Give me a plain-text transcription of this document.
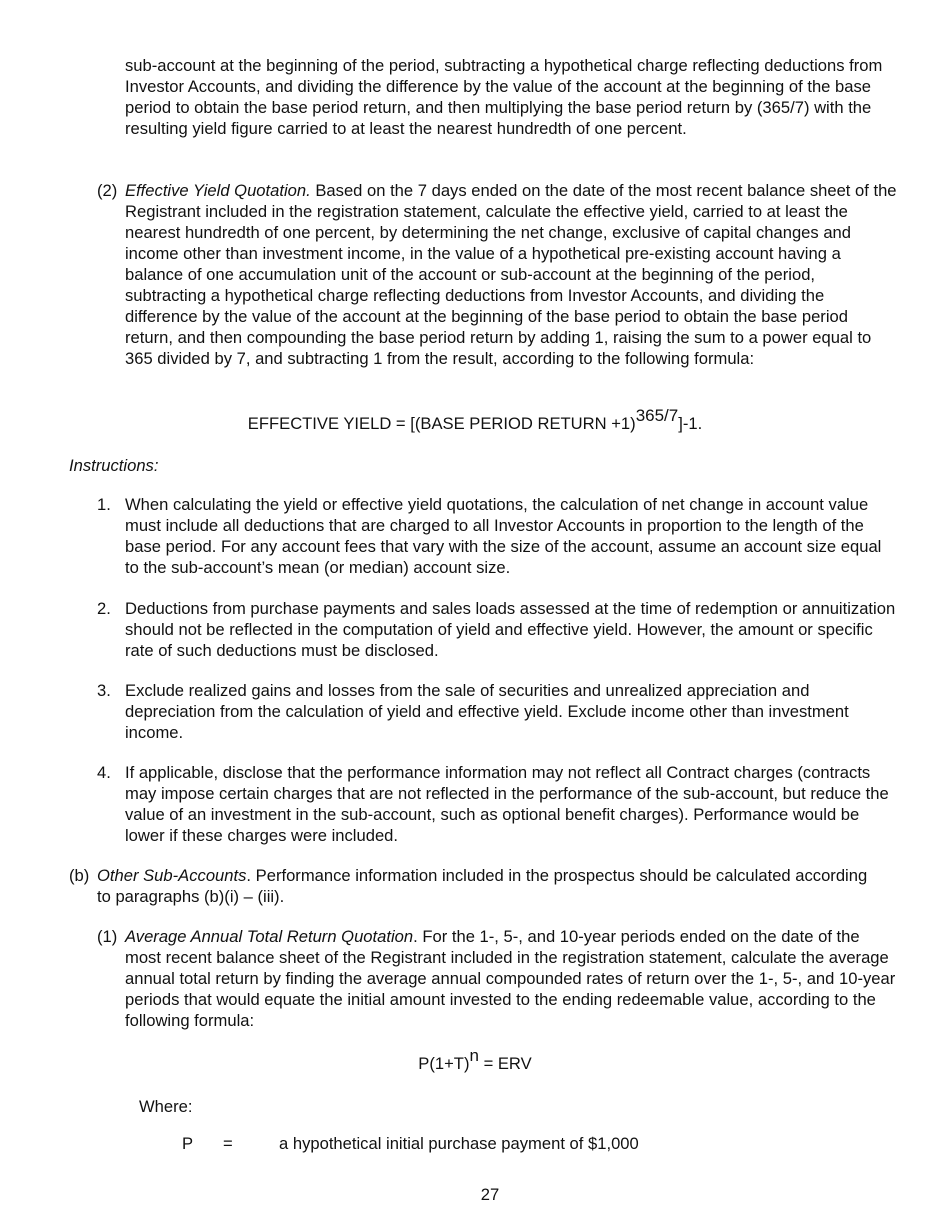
sub-account at the beginning of the period, subtracting a hypothetical charge reflecting deductions from Investor Accounts, and dividing the difference by the value of the account at the beginning of the base period to obtain the base period return, and then multiplying the base period return by (365/7) with the resulting yield figure carried to at least the nearest hundredth of one percent.

(2) Effective Yield Quotation. Based on the 7 days ended on the date of the most recent balance sheet of the Registrant included in the registration statement, calculate the effective yield, carried to at least the nearest hundredth of one percent, by determining the net change, exclusive of capital changes and income other than investment income, in the value of a hypothetical pre-existing account having a balance of one accumulation unit of the account or sub-account at the beginning of the period, subtracting a hypothetical charge reflecting deductions from Investor Accounts, and dividing the difference by the value of the account at the beginning of the base period to obtain the base period return, and then compounding the base period return by adding 1, raising the sum to a power equal to 365 divided by 7, and subtracting 1 from the result, according to the following formula:

EFFECTIVE YIELD = [(BASE PERIOD RETURN +1)365/7]-1.

Instructions:

1. When calculating the yield or effective yield quotations, the calculation of net change in account value must include all deductions that are charged to all Investor Accounts in proportion to the length of the base period. For any account fees that vary with the size of the account, assume an account size equal to the sub-account’s mean (or median) account size.

2. Deductions from purchase payments and sales loads assessed at the time of redemption or annuitization should not be reflected in the computation of yield and effective yield. However, the amount or specific rate of such deductions must be disclosed.

3. Exclude realized gains and losses from the sale of securities and unrealized appreciation and depreciation from the calculation of yield and effective yield. Exclude income other than investment income.

4. If applicable, disclose that the performance information may not reflect all Contract charges (contracts may impose certain charges that are not reflected in the performance of the sub-account, but reduce the value of an investment in the sub-account, such as optional benefit charges). Performance would be lower if these charges were included.

(b) Other Sub-Accounts. Performance information included in the prospectus should be calculated according to paragraphs (b)(i) – (iii).

(1) Average Annual Total Return Quotation. For the 1-, 5-, and 10-year periods ended on the date of the most recent balance sheet of the Registrant included in the registration statement, calculate the average annual total return by finding the average annual compounded rates of return over the 1-, 5-, and 10-year periods that would equate the initial amount invested to the ending redeemable value, according to the following formula:

P(1+T)n = ERV

Where:

P =	a hypothetical initial purchase payment of $1,000

27
